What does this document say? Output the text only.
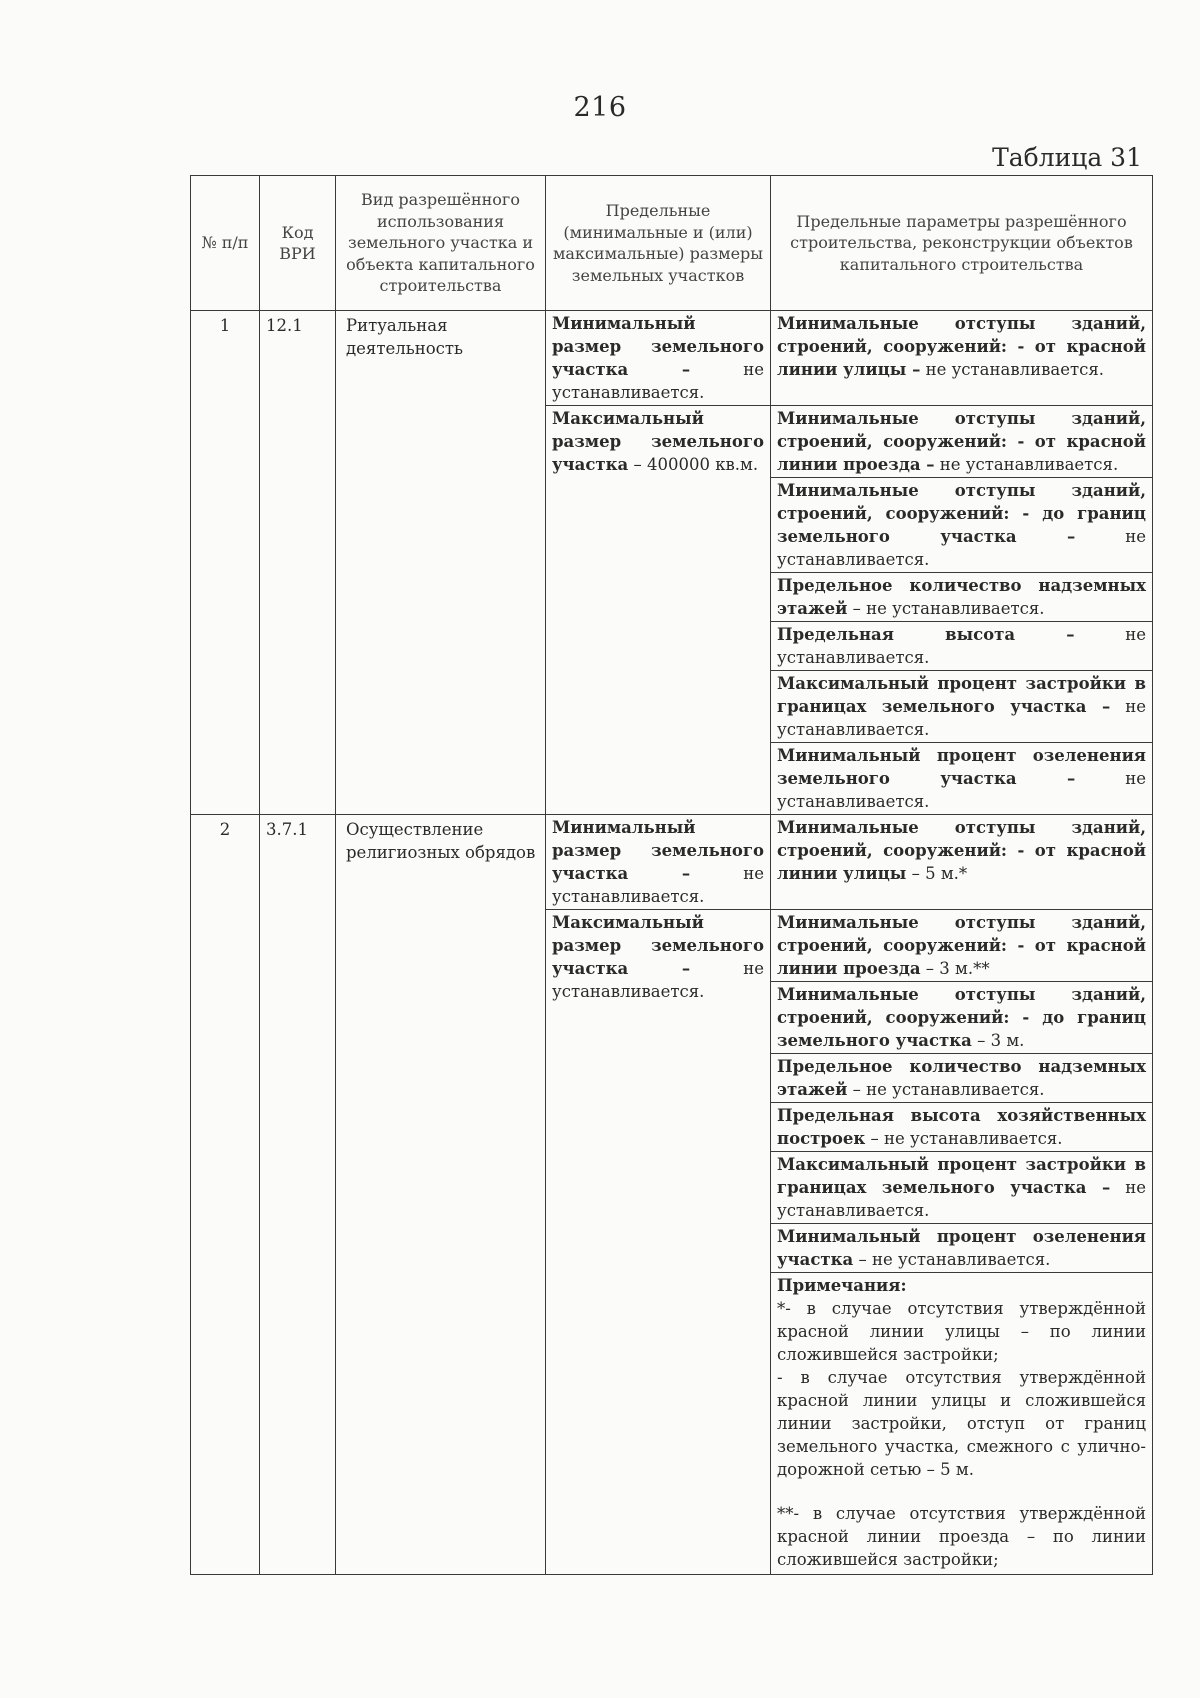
216
Таблица 31
№ п/п	Код ВРИ	Вид разрешённого использования земельного участка и объекта капитального строительства	Предельные (минимальные и (или) максимальные) размеры земельных участков	Предельные параметры разрешённого строительства, реконструкции объектов капитального строительства
1	12.1	Ритуальная деятельность	Минимальный размер земельного участка – не устанавливается.	Минимальные отступы зданий, строений, сооружений: - от красной линии улицы – не устанавливается.
			Максимальный размер земельного участка – 400000 кв.м.	Минимальные отступы зданий, строений, сооружений: - от красной линии проезда – не устанавливается.
				Минимальные отступы зданий, строений, сооружений: - до границ земельного участка – не устанавливается.
				Предельное количество надземных этажей – не устанавливается.
				Предельная высота – не устанавливается.
				Максимальный процент застройки в границах земельного участка – не устанавливается.
				Минимальный процент озеленения земельного участка – не устанавливается.
2	3.7.1	Осуществление религиозных обрядов	Минимальный размер земельного участка – не устанавливается.	Минимальные отступы зданий, строений, сооружений: - от красной линии улицы – 5 м.*
			Максимальный размер земельного участка – не устанавливается.	Минимальные отступы зданий, строений, сооружений: - от красной линии проезда – 3 м.**
				Минимальные отступы зданий, строений, сооружений: - до границ земельного участка – 3 м.
				Предельное количество надземных этажей – не устанавливается.
				Предельная высота хозяйственных построек – не устанавливается.
				Максимальный процент застройки в границах земельного участка – не устанавливается.
				Минимальный процент озеленения участка – не устанавливается.

				Примечания:
*- в случае отсутствия утверждённой красной линии улицы – по линии сложившейся застройки;
- в случае отсутствия утверждённой красной линии улицы и сложившейся линии застройки, отступ от границ земельного участка, смежного с улично-дорожной сетью – 5 м.
**- в случае отсутствия утверждённой красной линии проезда – по линии сложившейся застройки;
